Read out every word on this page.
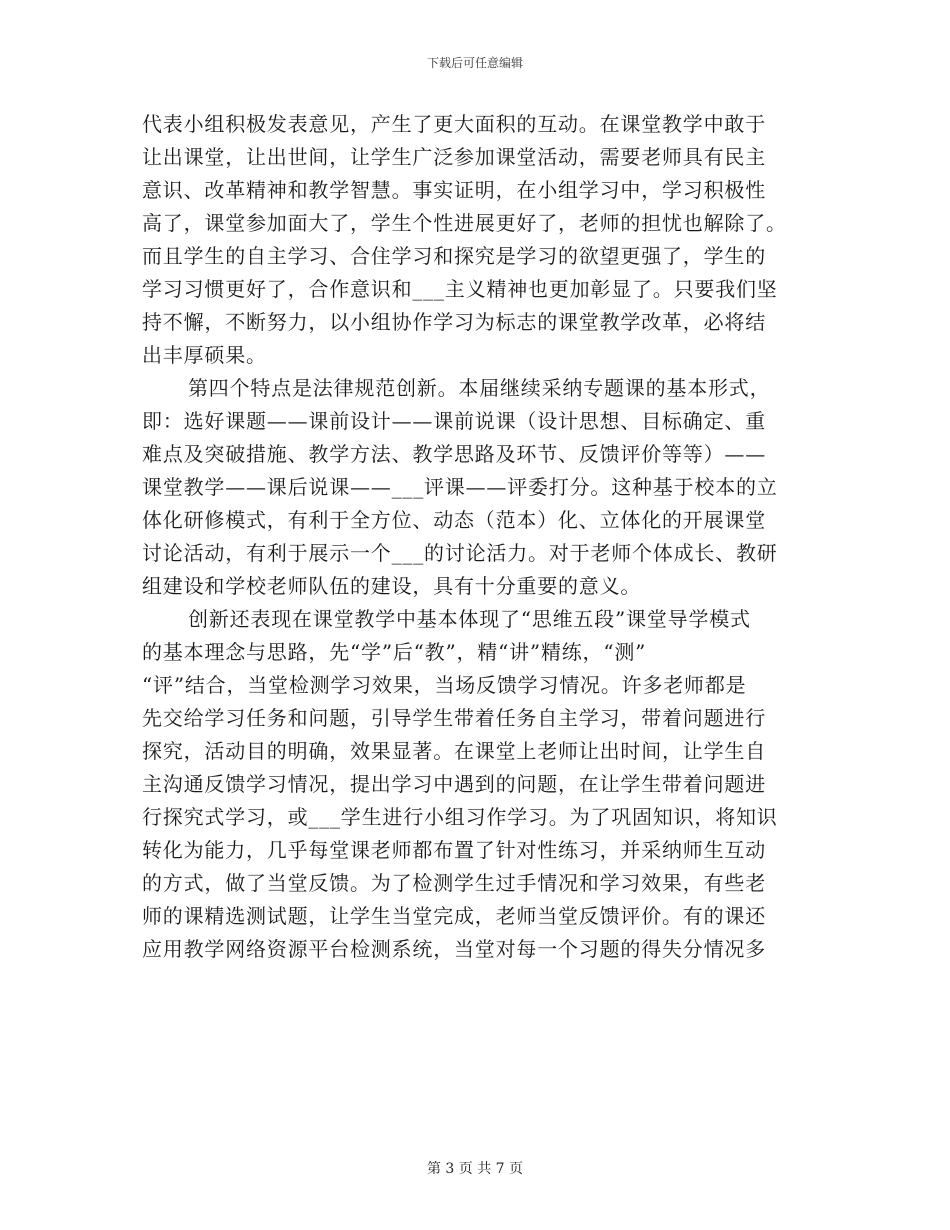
下载后可任意编辑
代表小组积极发表意见，产生了更大面积的互动。在课堂教学中敢于
让出课堂，让出世间，让学生广泛参加课堂活动，需要老师具有民主
意识、改革精神和教学智慧。事实证明，在小组学习中，学习积极性
高了，课堂参加面大了，学生个性进展更好了，老师的担忧也解除了。
而且学生的自主学习、合住学习和探究是学习的欲望更强了，学生的
学习习惯更好了，合作意识和___主义精神也更加彰显了。只要我们坚
持不懈，不断努力，以小组协作学习为标志的课堂教学改革，必将结
出丰厚硕果。
第四个特点是法律规范创新。本届继续采纳专题课的基本形式，
即：选好课题——课前设计——课前说课（设计思想、目标确定、重
难点及突破措施、教学方法、教学思路及环节、反馈评价等等）——
课堂教学——课后说课——___评课——评委打分。这种基于校本的立
体化研修模式，有利于全方位、动态（范本）化、立体化的开展课堂
讨论活动，有利于展示一个___的讨论活力。对于老师个体成长、教研
组建设和学校老师队伍的建设，具有十分重要的意义。
创新还表现在课堂教学中基本体现了“思维五段”课堂导学模式
的基本理念与思路，先“学”后“教”，精“讲”精练，“测”
“评”结合，当堂检测学习效果，当场反馈学习情况。许多老师都是
先交给学习任务和问题，引导学生带着任务自主学习，带着问题进行
探究，活动目的明确，效果显著。在课堂上老师让出时间，让学生自
主沟通反馈学习情况，提出学习中遇到的问题，在让学生带着问题进
行探究式学习，或___学生进行小组习作学习。为了巩固知识，将知识
转化为能力，几乎每堂课老师都布置了针对性练习，并采纳师生互动
的方式，做了当堂反馈。为了检测学生过手情况和学习效果，有些老
师的课精选测试题，让学生当堂完成，老师当堂反馈评价。有的课还
应用教学网络资源平台检测系统，当堂对每一个习题的得失分情况多
第 3 页 共 7 页
